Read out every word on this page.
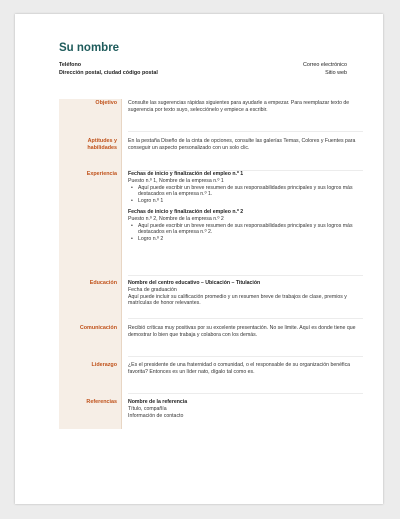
Su nombre
Teléfono
Dirección postal, ciudad código postal
Correo electrónico
Sitio web
Objetivo Consulte las sugerencias rápidas siguientes para ayudarle a empezar. Para reemplazar texto de sugerencia por texto suyo, selecciónelo y empiece a escribir.
Aptitudes y
habilidades
En la pestaña Diseño de la cinta de opciones, consulte las galerías Temas, Colores y Fuentes para conseguir un aspecto personalizado con un solo clic.
Experiencia Fechas de inicio y finalización del empleo n.º 1
Puesto n.º 1, Nombre de la empresa n.º 1
• Aquí puede escribir un breve resumen de sus responsabilidades principales y sus logros más destacados en la empresa n.º 1.
• Logro n.º 1
Fechas de inicio y finalización del empleo n.º 2
Puesto n.º 2, Nombre de la empresa n.º 2
• Aquí puede escribir un breve resumen de sus responsabilidades principales y sus logros más destacados en la empresa n.º 2.
• Logro n.º 2
Educación Nombre del centro educativo – Ubicación – Titulación
Fecha de graduación
Aquí puede incluir su calificación promedio y un resumen breve de trabajos de clase, premios y matrículas de honor relevantes.
Comunicación Recibió críticas muy positivas por su excelente presentación. No se limite. Aquí es donde tiene que demostrar lo bien que trabaja y colabora con los demás.
Liderazgo ¿Es el presidente de una fraternidad o comunidad, o el responsable de su organización benéfica favorita? Entonces es un líder nato, dígalo tal como es.
Referencias Nombre de la referencia
Título, compañía
Información de contacto
